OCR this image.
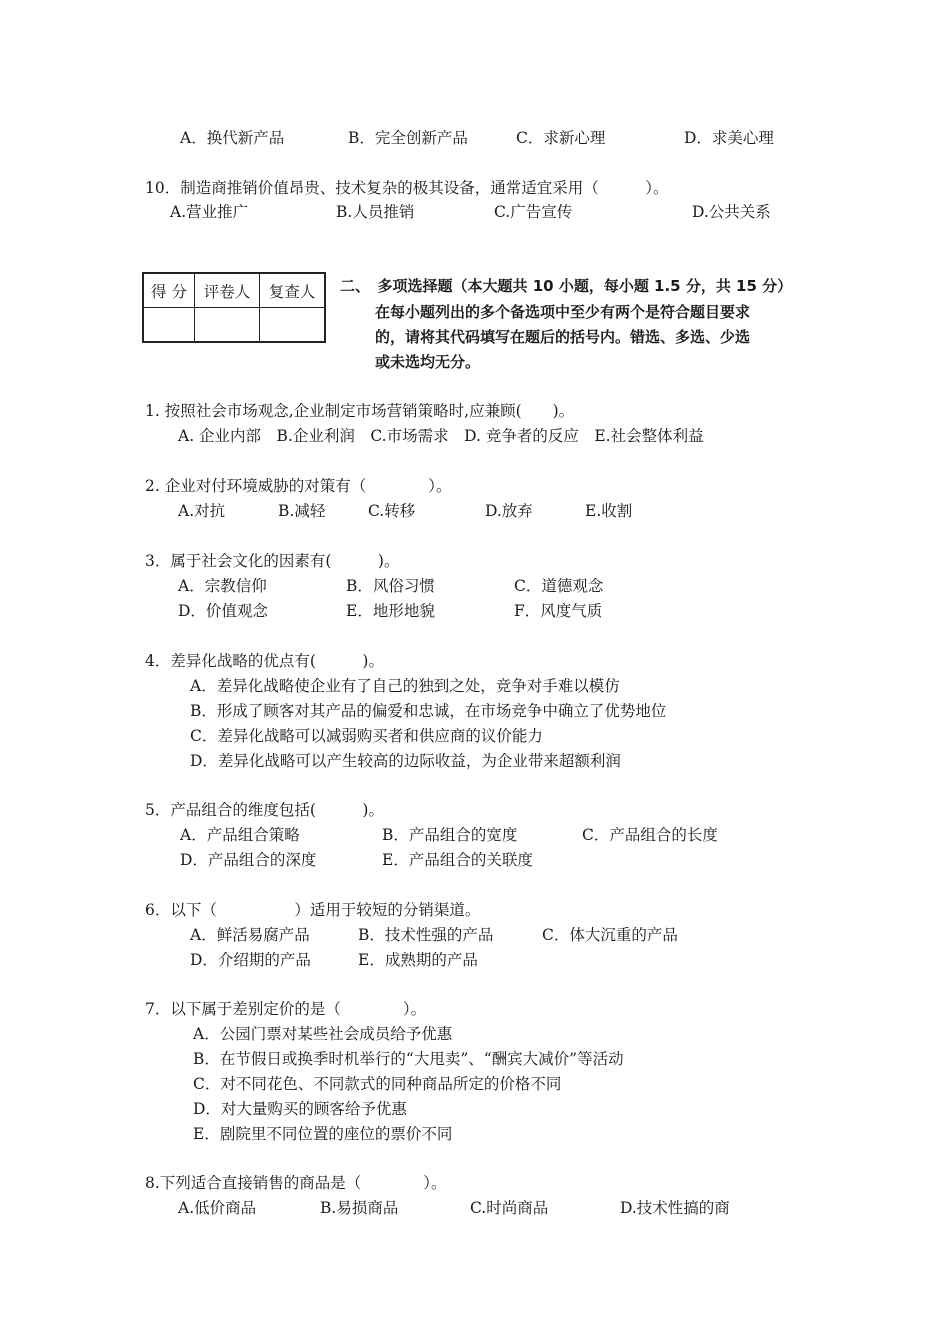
A．换代新产品	B．完全创新产品	C．求新心理	D．求美心理
10．制造商推销价值昂贵、技术复杂的极其设备，通常适宜采用（　　　）。
A.营业推广	B.人员推销	C.广告宣传	D.公共关系
得 分	评卷人	复查人
		二、　多项选择题（本大题共 10 小题，每小题 1.5 分，共 15 分）
在每小题列出的多个备选项中至少有两个是符合题目要求
的，请将其代码填写在题后的括号内。错选、多选、少选
或未选均无分。
1. 按照社会市场观念,企业制定市场营销策略时,应兼顾(　　)。
A. 企业内部　B.企业利润　C.市场需求　D. 竞争者的反应　E.社会整体利益
2. 企业对付环境威胁的对策有（　　　　）。
A.对抗	B.减轻	C.转移	D.放弃	E.收割
3．属于社会文化的因素有(　　　)。
A．宗教信仰	B．风俗习惯	C．道德观念
D．价值观念	E．地形地貌	F．风度气质
4．差异化战略的优点有(　　　)。
A．差异化战略使企业有了自己的独到之处，竞争对手难以模仿
B．形成了顾客对其产品的偏爱和忠诚，在市场竞争中确立了优势地位
C．差异化战略可以减弱购买者和供应商的议价能力
D．差异化战略可以产生较高的边际收益，为企业带来超额利润
5．产品组合的维度包括(　　　)。
A．产品组合策略	B．产品组合的宽度	C．产品组合的长度
D．产品组合的深度	E．产品组合的关联度
6．以下（　　　　　）适用于较短的分销渠道。
A．鲜活易腐产品	B．技术性强的产品	C．体大沉重的产品
D．介绍期的产品	E．成熟期的产品
7．以下属于差别定价的是（　　　　）。
A．公园门票对某些社会成员给予优惠
B．在节假日或换季时机举行的“大甩卖”、“酬宾大减价”等活动
C．对不同花色、不同款式的同种商品所定的价格不同
D．对大量购买的顾客给予优惠
E．剧院里不同位置的座位的票价不同
8.下列适合直接销售的商品是（　　　　）。
A.低价商品	B.易损商品	C.时尚商品	D.技术性搞的商
